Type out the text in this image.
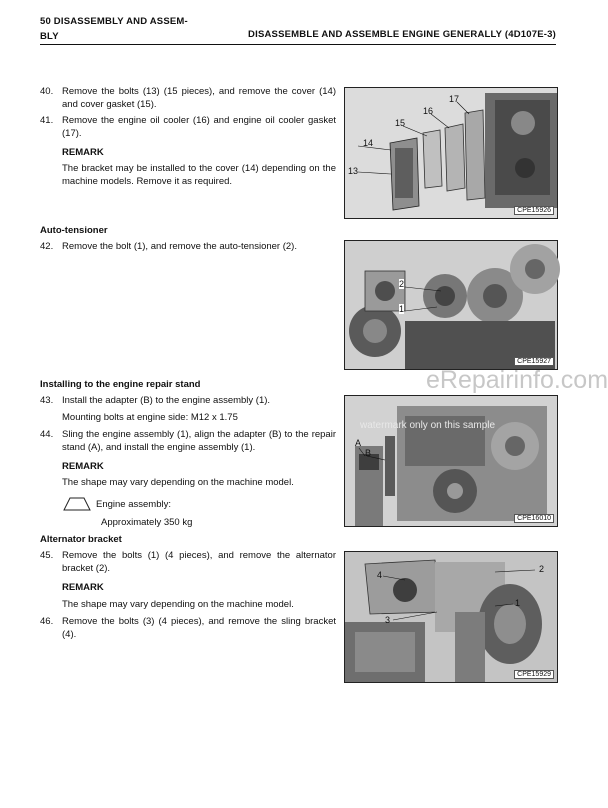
50 DISASSEMBLY AND ASSEM-
BLY	DISASSEMBLE AND ASSEMBLE ENGINE GENERALLY (4D107E-3)
40. Remove the bolts (13) (15 pieces), and remove the cover (14) and cover gasket (15).
41. Remove the engine oil cooler (16) and engine oil cooler gasket (17).
REMARK
The bracket may be installed to the cover (14) depending on the machine models. Remove it as required.
14
13
15
16
17
CPE15926
Auto-tensioner
42. Remove the bolt (1), and remove the auto-tensioner (2).
2
1
CPE15927
Installing to the engine repair stand
43. Install the adapter (B) to the engine assembly (1).
Mounting bolts at engine side: M12 x 1.75
44. Sling the engine assembly (1), align the adapter (B) to the repair stand (A), and install the engine assembly (1).
REMARK
The shape may vary depending on the machine model.
Engine assembly:
Approximately 350 kg
A
B
CPE16010
Alternator bracket
45. Remove the bolts (1) (4 pieces), and remove the alternator bracket (2).
REMARK
The shape may vary depending on the machine model.
46. Remove the bolts (3) (4 pieces), and remove the sling bracket (4).
4
3
2
1
CPE15929
eRepairinfo.com
watermark only on this sample
